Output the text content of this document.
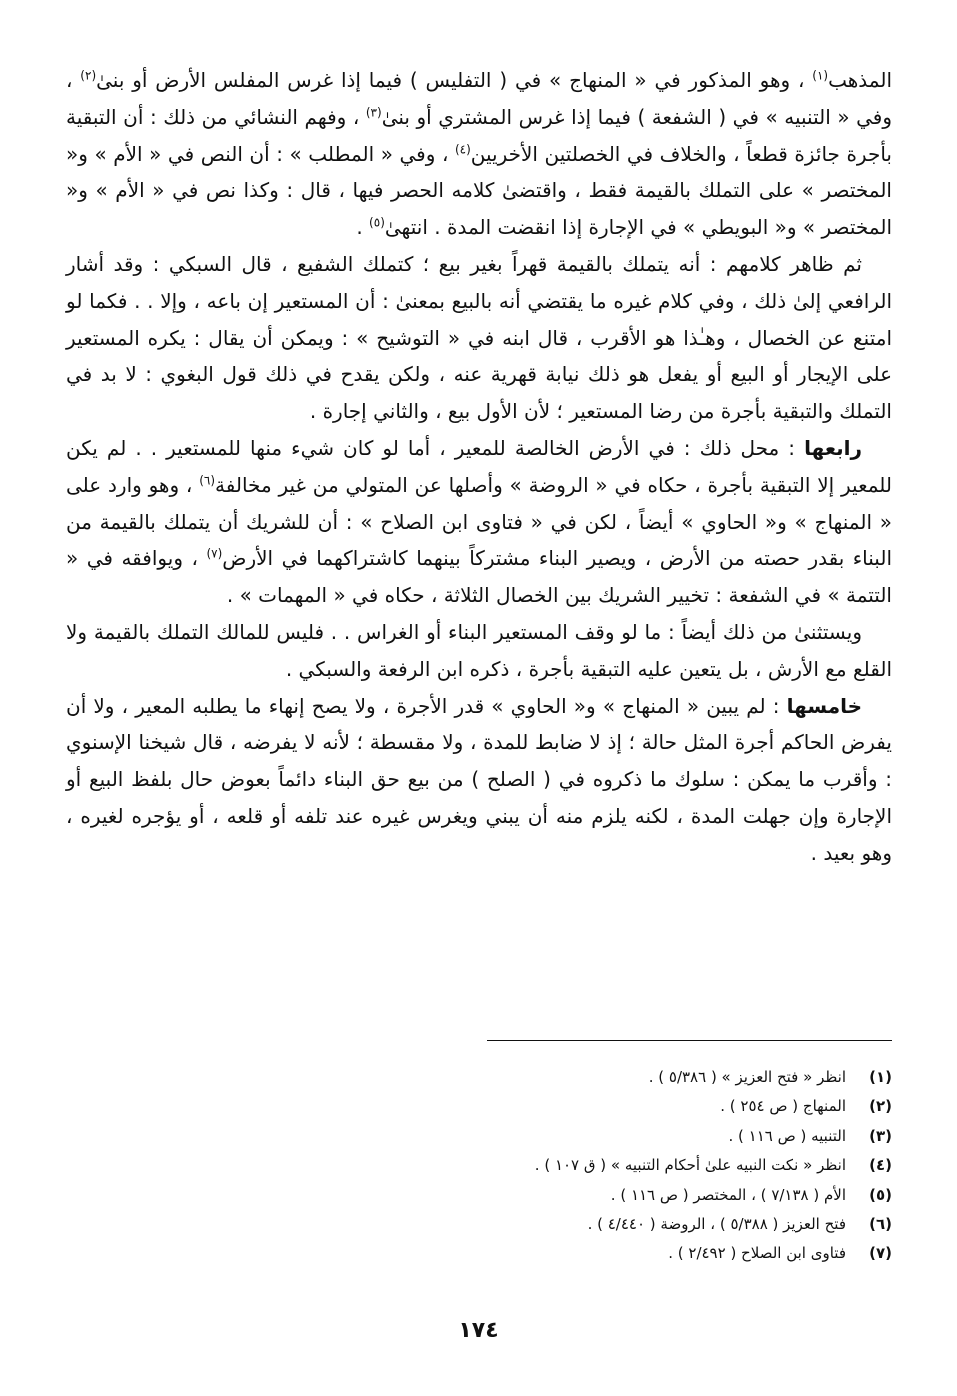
المذهب$^{(١)}$ ، وهو المذكور في « المنهاج » في ( التفليس ) فيما إذا غرس المفلس الأرض أو بنىٰ$^{(٢)}$ ، وفي « التنبيه » في ( الشفعة ) فيما إذا غرس المشتري أو بنىٰ$^{(٣)}$ ، وفهم النشائي من ذلك : أن التبقية بأجرة جائزة قطعاً ، والخلاف في الخصلتين الأخريين$^{(٤)}$ ، وفي « المطلب » : أن النص في « الأم » و« المختصر » على التملك بالقيمة فقط ، واقتضىٰ كلامه الحصر فيها ، قال : وكذا نص في « الأم » و« المختصر » و« البويطي » في الإجارة إذا انقضت المدة . انتهىٰ$^{(٥)}$ .

ثم ظاهر كلامهم : أنه يتملك بالقيمة قهراً بغير بيع ؛ كتملك الشفيع ، قال السبكي : وقد أشار الرافعي إلىٰ ذلك ، وفي كلام غيره ما يقتضي أنه بالبيع بمعنىٰ : أن المستعير إن باعه ، وإلا . . فكما لو امتنع عن الخصال ، وهـٰذا هو الأقرب ، قال ابنه في « التوشيح » : ويمكن أن يقال : يكره المستعير على الإيجار أو البيع أو يفعل هو ذلك نيابة قهرية عنه ، ولكن يقدح في ذلك قول البغوي : لا بد في التملك والتبقية بأجرة من رضا المستعير ؛ لأن الأول بيع ، والثاني إجارة .

رابعها : محل ذلك : في الأرض الخالصة للمعير ، أما لو كان شيء منها للمستعير . . لم يكن للمعير إلا التبقية بأجرة ، حكاه في « الروضة » وأصلها عن المتولي من غير مخالفة$^{(٦)}$ ، وهو وارد على « المنهاج » و« الحاوي » أيضاً ، لكن في « فتاوى ابن الصلاح » : أن للشريك أن يتملك بالقيمة من البناء بقدر حصته من الأرض ، ويصير البناء مشتركاً بينهما كاشتراكهما في الأرض$^{(٧)}$ ، ويوافقه في « التتمة » في الشفعة : تخيير الشريك بين الخصال الثلاثة ، حكاه في « المهمات » .

ويستثنىٰ من ذلك أيضاً : ما لو وقف المستعير البناء أو الغراس . . فليس للمالك التملك بالقيمة ولا القلع مع الأرش ، بل يتعين عليه التبقية بأجرة ، ذكره ابن الرفعة والسبكي .

خامسها : لم يبين « المنهاج » و« الحاوي » قدر الأجرة ، ولا يصح إنهاء ما يطلبه المعير ، ولا أن يفرض الحاكم أجرة المثل حالة ؛ إذ لا ضابط للمدة ، ولا مقسطة ؛ لأنه لا يفرضه ، قال شيخنا الإسنوي : وأقرب ما يمكن : سلوك ما ذكروه في ( الصلح ) من بيع حق البناء دائماً بعوض حال بلفظ البيع أو الإجارة وإن جهلت المدة ، لكنه يلزم منه أن يبني ويغرس غيره عند تلفه أو قلعه ، أو يؤجره لغيره ، وهو بعيد .

(١)
انظر « فتح العزيز » ( ٥/٣٨٦ ) .
(٢)
المنهاج ( ص ٢٥٤ ) .
(٣)
التنبيه ( ص ١١٦ ) .
(٤)
انظر « نكت النبيه علىٰ أحكام التنبيه » ( ق ١٠٧ ) .
(٥)
الأم ( ٧/١٣٨ ) ، المختصر ( ص ١١٦ ) .
(٦)
فتح العزيز ( ٥/٣٨٨ ) ، الروضة ( ٤/٤٤٠ ) .
(٧)
فتاوى ابن الصلاح ( ٢/٤٩٢ ) .
١٧٤
